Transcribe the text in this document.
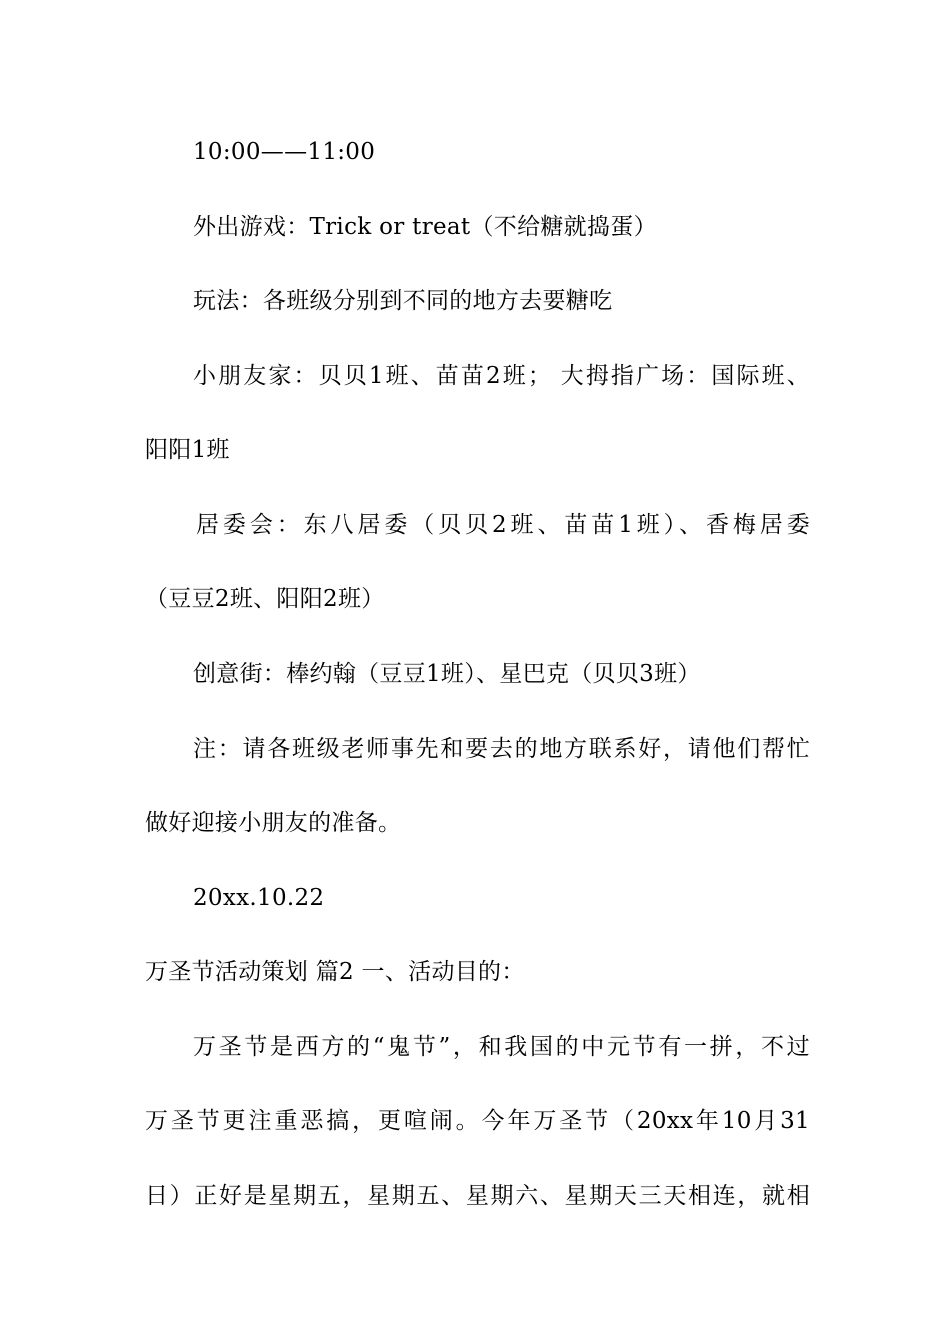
10:00——11:00
外出游戏：Trick or treat（不给糖就捣蛋）
玩法：各班级分别到不同的地方去要糖吃
小朋友家：贝贝1班、苗苗2班； 大拇指广场：国际班、
阳阳1班
居委会：东八居委（贝贝2班、苗苗1班）、香梅居委
（豆豆2班、阳阳2班）
创意街：棒约翰（豆豆1班）、星巴克（贝贝3班）
注：请各班级老师事先和要去的地方联系好，请他们帮忙
做好迎接小朋友的准备。
20xx.10.22
万圣节活动策划 篇2 一、活动目的：
万圣节是西方的“鬼节”，和我国的中元节有一拼，不过
万圣节更注重恶搞，更喧闹。今年万圣节（20xx年10月31
日）正好是星期五，星期五、星期六、星期天三天相连，就相
